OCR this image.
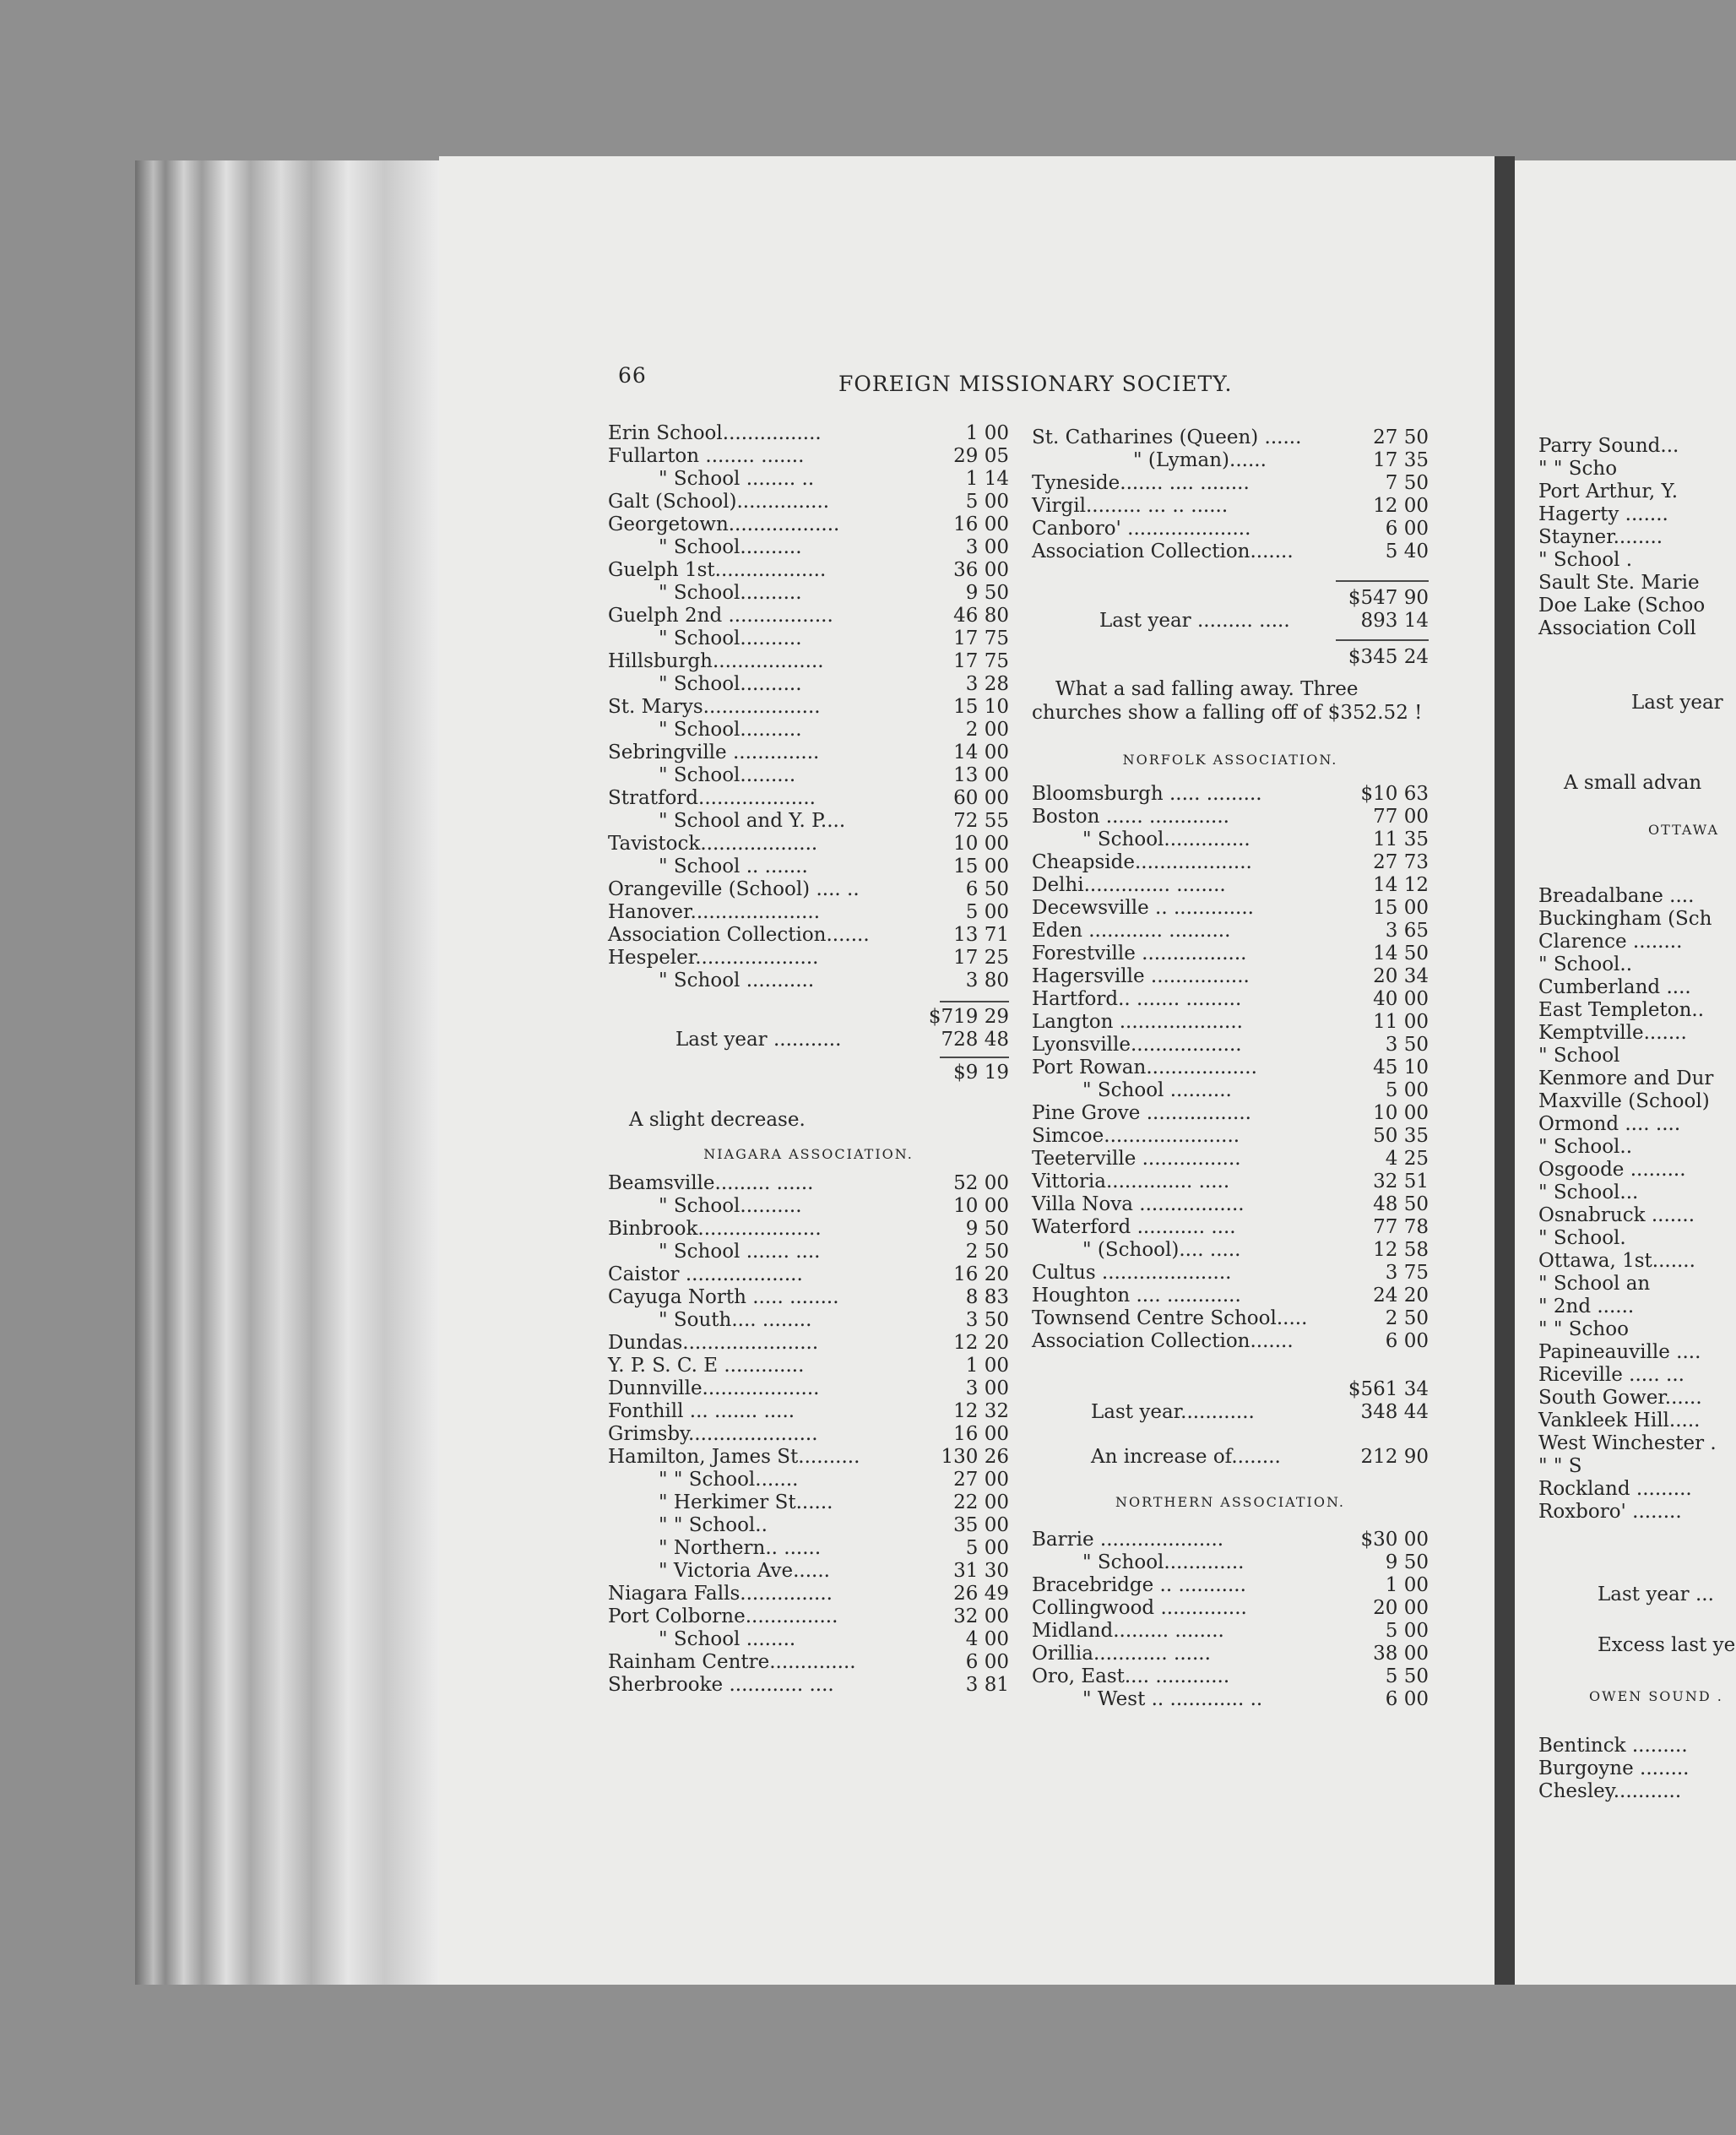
66	FOREIGN MISSIONARY SOCIETY.
Erin School................	1 00
Fullarton ........ .......	29 05
" School ........ ..	1 14
Galt (School)...............	5 00
Georgetown..................	16 00
" School..........	3 00
Guelph 1st..................	36 00
" School..........	9 50
Guelph 2nd .................	46 80
" School..........	17 75
Hillsburgh..................	17 75
" School..........	3 28
St. Marys...................	15 10
" School..........	2 00
Sebringville ..............	14 00
" School.........	13 00
Stratford...................	60 00
" School and Y. P....	72 55
Tavistock...................	10 00
" School .. .......	15 00
Orangeville (School) .... ..	6 50
Hanover.....................	5 00
Association Collection.......	13 71
Hespeler....................	17 25
" School ...........	3 80
$719 29
Last year ...........	728 48
$9 19
A slight decrease.
NIAGARA ASSOCIATION.
Beamsville......... ......	52 00
" School..........	10 00
Binbrook....................	9 50
" School ....... ....	2 50
Caistor ...................	16 20
Cayuga North ..... ........	8 83
" South.... ........	3 50
Dundas......................	12 20
Y. P. S. C. E .............	1 00
Dunnville...................	3 00
Fonthill ... ....... .....	12 32
Grimsby.....................	16 00
Hamilton, James St..........	130 26
" " School.......	27 00
" Herkimer St......	22 00
" " School..	35 00
" Northern.. ......	5 00
" Victoria Ave......	31 30
Niagara Falls...............	26 49
Port Colborne...............	32 00
" School ........	4 00
Rainham Centre..............	6 00
Sherbrooke ............ ....	3 81
St. Catharines (Queen) ......	27 50
" (Lyman)......	17 35
Tyneside....... .... ........	7 50
Virgil......... ... .. ......	12 00
Canboro' ....................	6 00
Association Collection.......	5 40
$547 90
Last year ......... .....	893 14
$345 24
What a sad falling away. Three
churches show a falling off of $352.52 !
NORFOLK ASSOCIATION.
Bloomsburgh ..... .........	$10 63
Boston ...... .............	77 00
" School..............	11 35
Cheapside...................	27 73
Delhi.............. ........	14 12
Decewsville .. .............	15 00
Eden ............ ..........	3 65
Forestville .................	14 50
Hagersville ................	20 34
Hartford.. ....... .........	40 00
Langton ....................	11 00
Lyonsville..................	3 50
Port Rowan..................	45 10
" School ..........	5 00
Pine Grove .................	10 00
Simcoe......................	50 35
Teeterville ................	4 25
Vittoria.............. .....	32 51
Villa Nova .................	48 50
Waterford ........... ....	77 78
" (School).... .....	12 58
Cultus .....................	3 75
Houghton .... ............	24 20
Townsend Centre School.....	2 50
Association Collection.......	6 00
$561 34
Last year............	348 44
An increase of........	212 90
NORTHERN ASSOCIATION.
Barrie ....................	$30 00
" School.............	9 50
Bracebridge .. ...........	1 00
Collingwood ..............	20 00
Midland......... ........	5 00
Orillia............ ......	38 00
Oro, East.... ............	5 50
" West .. ............ ..	6 00
Parry Sound...
" " Scho
Port Arthur, Y.
Hagerty .......
Stayner........
" School .
Sault Ste. Marie
Doe Lake (Schoo
Association Coll
Last year
A small advan
OTTAWA
Breadalbane ....
Buckingham (Sch
Clarence ........
" School..
Cumberland ....
East Templeton..
Kemptville.......
" School
Kenmore and Dur
Maxville (School)
Ormond .... ....
" School..
Osgoode .........
" School...
Osnabruck .......
" School.
Ottawa, 1st.......
" School an
" 2nd ......
" " Schoo
Papineauville ....
Riceville ..... ...
South Gower......
Vankleek Hill.....
West Winchester .
" " S
Rockland .........
Roxboro' ........
Last year ...
Excess last ye
OWEN SOUND .
Bentinck .........
Burgoyne ........
Chesley...........
